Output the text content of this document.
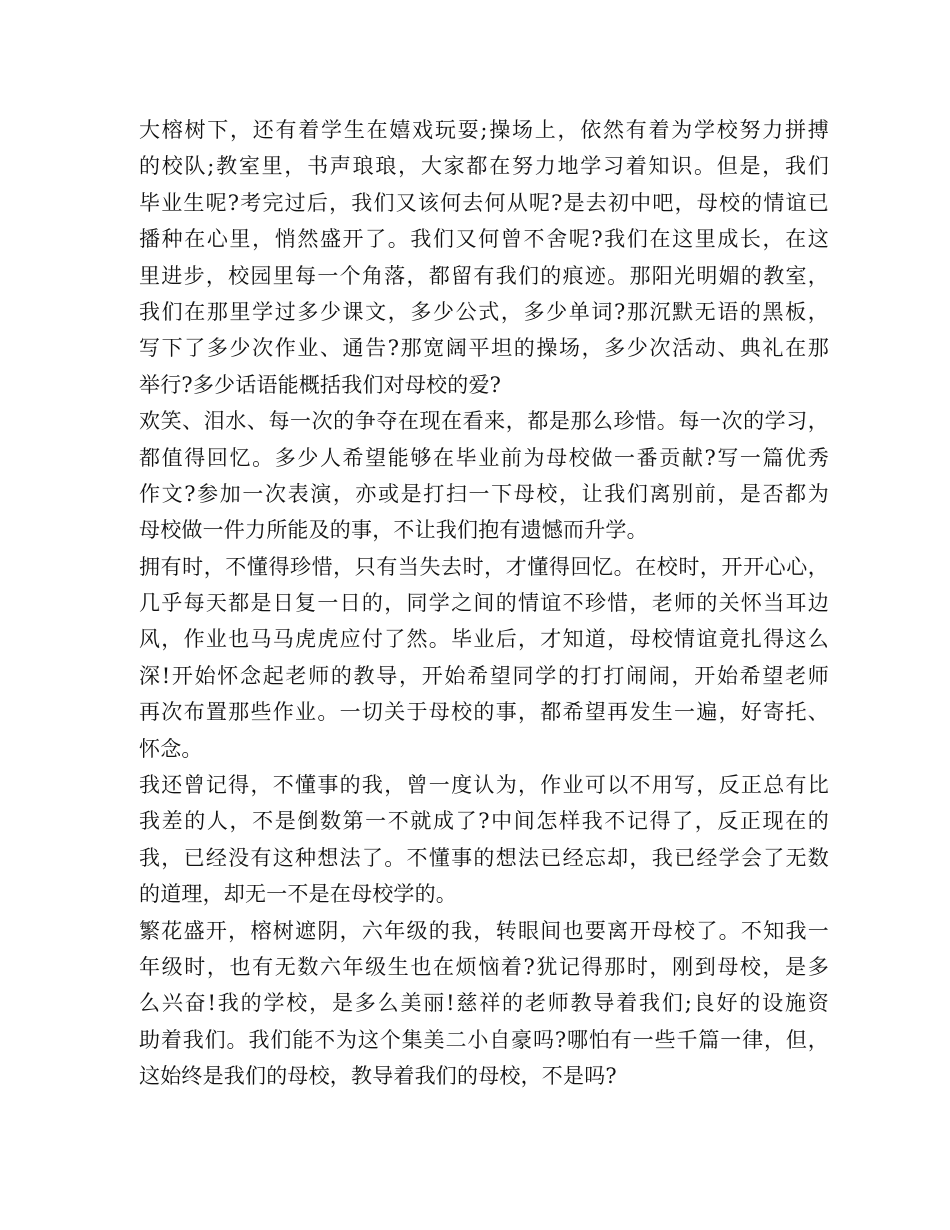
大榕树下，还有着学生在嬉戏玩耍;操场上，依然有着为学校努力拼搏
的校队;教室里，书声琅琅，大家都在努力地学习着知识。但是，我们
毕业生呢?考完过后，我们又该何去何从呢?是去初中吧，母校的情谊已
播种在心里，悄然盛开了。我们又何曾不舍呢?我们在这里成长，在这
里进步，校园里每一个角落，都留有我们的痕迹。那阳光明媚的教室，
我们在那里学过多少课文，多少公式，多少单词?那沉默无语的黑板，
写下了多少次作业、通告?那宽阔平坦的操场，多少次活动、典礼在那
举行?多少话语能概括我们对母校的爱?
欢笑、泪水、每一次的争夺在现在看来，都是那么珍惜。每一次的学习，
都值得回忆。多少人希望能够在毕业前为母校做一番贡献?写一篇优秀
作文?参加一次表演，亦或是打扫一下母校，让我们离别前，是否都为
母校做一件力所能及的事，不让我们抱有遗憾而升学。
拥有时，不懂得珍惜，只有当失去时，才懂得回忆。在校时，开开心心，
几乎每天都是日复一日的，同学之间的情谊不珍惜，老师的关怀当耳边
风，作业也马马虎虎应付了然。毕业后，才知道，母校情谊竟扎得这么
深!开始怀念起老师的教导，开始希望同学的打打闹闹，开始希望老师
再次布置那些作业。一切关于母校的事，都希望再发生一遍，好寄托、
怀念。
我还曾记得，不懂事的我，曾一度认为，作业可以不用写，反正总有比
我差的人，不是倒数第一不就成了?中间怎样我不记得了，反正现在的
我，已经没有这种想法了。不懂事的想法已经忘却，我已经学会了无数
的道理，却无一不是在母校学的。
繁花盛开，榕树遮阴，六年级的我，转眼间也要离开母校了。不知我一
年级时，也有无数六年级生也在烦恼着?犹记得那时，刚到母校，是多
么兴奋!我的学校，是多么美丽!慈祥的老师教导着我们;良好的设施资
助着我们。我们能不为这个集美二小自豪吗?哪怕有一些千篇一律，但，
这始终是我们的母校，教导着我们的母校，不是吗?
